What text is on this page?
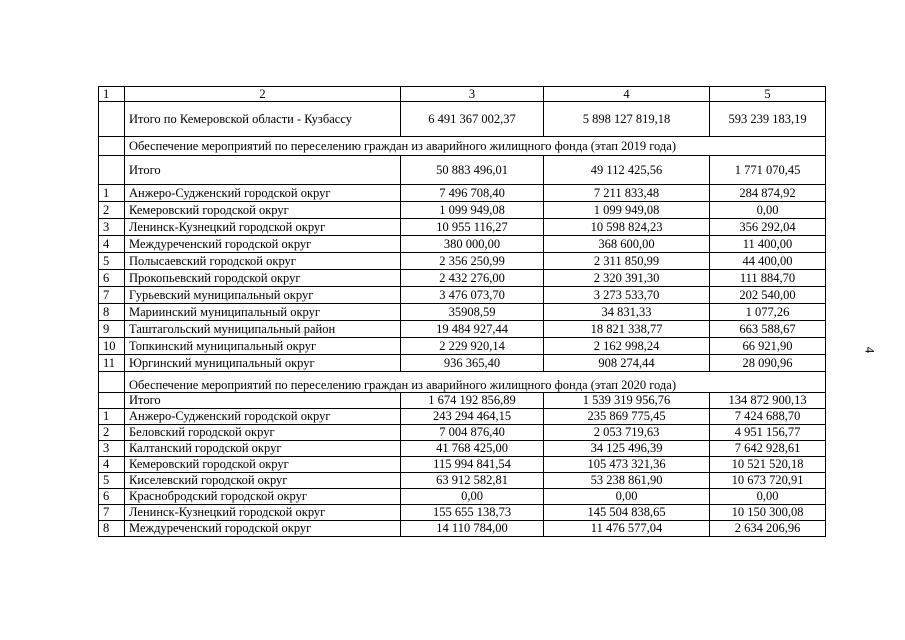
1	2	3	4	5
	Итого по Кемеровской области - Кузбассу	6 491 367 002,37	5 898 127 819,18	593 239 183,19
	Обеспечение мероприятий по переселению граждан из аварийного жилищного фонда (этап 2019 года)			
	Итого	50 883 496,01	49 112 425,56	1 771 070,45
1	Анжеро-Судженский городской округ	7 496 708,40	7 211 833,48	284 874,92
2	Кемеровский городской округ	1 099 949,08	1 099 949,08	0,00
3	Ленинск-Кузнецкий городской округ	10 955 116,27	10 598 824,23	356 292,04
4	Междуреченский городской округ	380 000,00	368 600,00	11 400,00
5	Полысаевский городской округ	2 356 250,99	2 311 850,99	44 400,00
6	Прокопьевский городской округ	2 432 276,00	2 320 391,30	111 884,70
7	Гурьевский муниципальный округ	3 476 073,70	3 273 533,70	202 540,00
8	Мариинский муниципальный округ	35908,59	34 831,33	1 077,26
9	Таштагольский муниципальный район	19 484 927,44	18 821 338,77	663 588,67
10	Топкинский муниципальный округ	2 229 920,14	2 162 998,24	66 921,90
11	Юргинский муниципальный округ	936 365,40	908 274,44	28 090,96
	Обеспечение мероприятий по переселению граждан из аварийного жилищного фонда (этап 2020 года)			
	Итого	1 674 192 856,89	1 539 319 956,76	134 872 900,13
1	Анжеро-Судженский городской округ	243 294 464,15	235 869 775,45	7 424 688,70
2	Беловский городской округ	7 004 876,40	2 053 719,63	4 951 156,77
3	Калтанский городской округ	41 768 425,00	34 125 496,39	7 642 928,61
4	Кемеровский городской округ	115 994 841,54	105 473 321,36	10 521 520,18
5	Киселевский городской округ	63 912 582,81	53 238 861,90	10 673 720,91
6	Краснобродский городской округ	0,00	0,00	0,00
7	Ленинск-Кузнецкий городской округ	155 655 138,73	145 504 838,65	10 150 300,08
8	Междуреченский городской округ	14 110 784,00	11 476 577,04	2 634 206,96
4
